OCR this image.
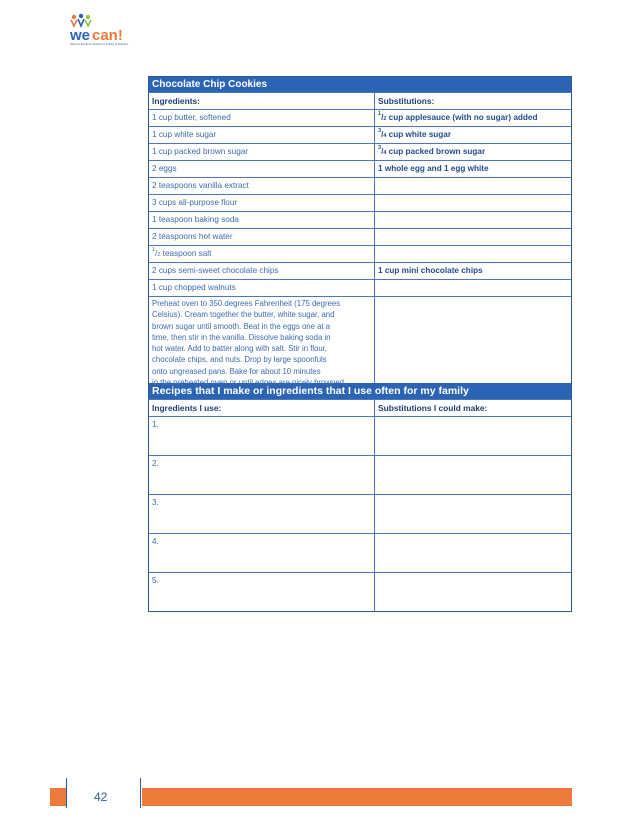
we can!
Ways to Enhance Children's Activity & Nutrition
Chocolate Chip Cookies
Ingredients:	Substitutions:
1 cup butter, softened	$^1$/2 cup applesauce (with no sugar) added
1 cup white sugar	$^3$/4 cup white sugar
1 cup packed brown sugar	$^3$/4 cup packed brown sugar
2 eggs	1 whole egg and 1 egg white
2 teaspoons vanilla extract
3 cups all-purpose flour
1 teaspoon baking soda
2 teaspoons hot water
$^1$/2 teaspoon salt
2 cups semi-sweet chocolate chips	1 cup mini chocolate chips
1 cup chopped walnuts
Preheat oven to 350 degrees Fahrenheit (175 degrees
Celsius). Cream together the butter, white sugar, and
brown sugar until smooth. Beat in the eggs one at a
time, then stir in the vanilla. Dissolve baking soda in
hot water. Add to batter along with salt. Stir in flour,
chocolate chips, and nuts. Drop by large spoonfuls
onto ungreased pans. Bake for about 10 minutes
Recipes that I make or ingredients that I use often for my family
Ingredients I use:	Substitutions I could make:
1.
2.
3.
4.
5.
42
